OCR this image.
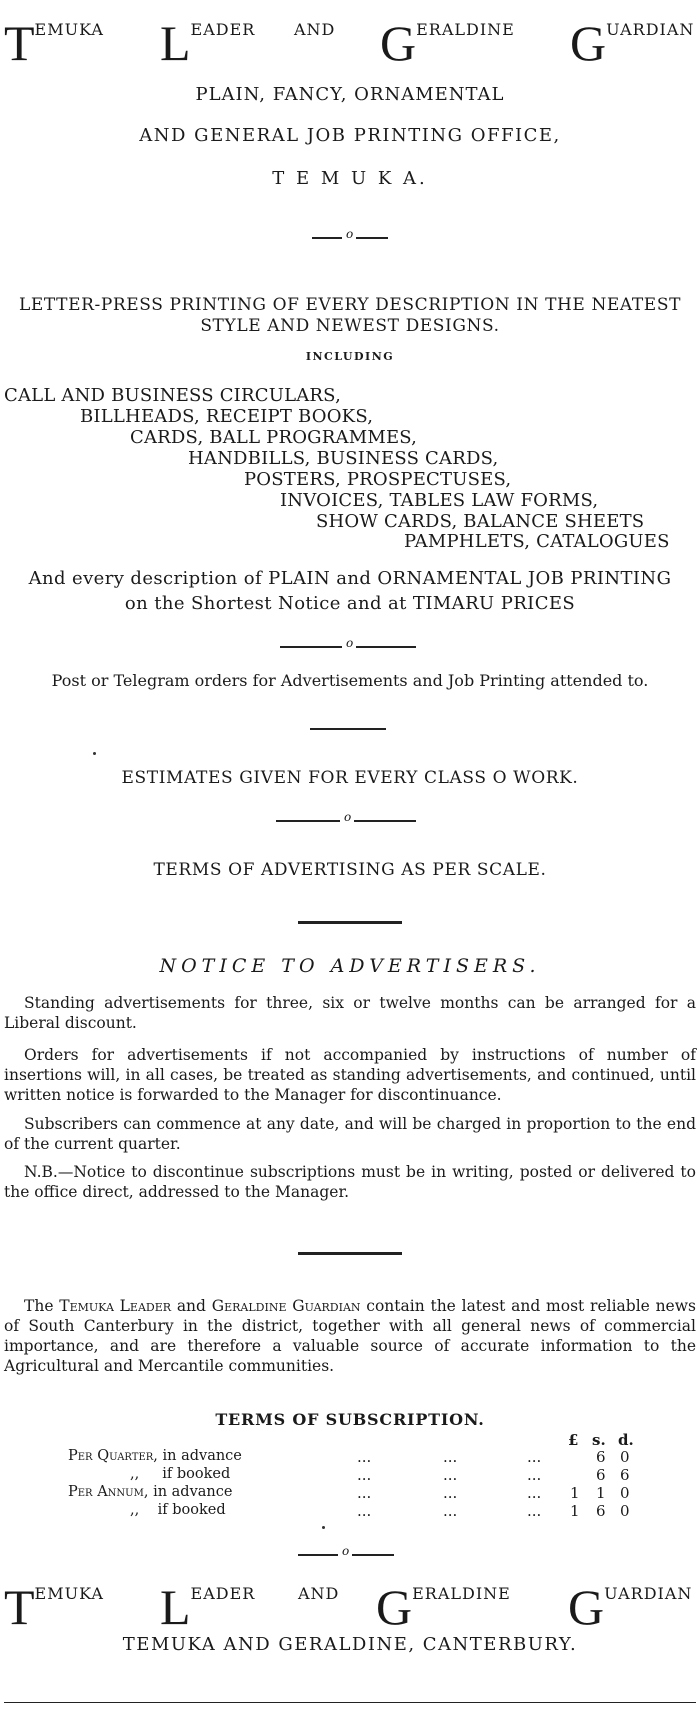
TEMUKA LEADER AND GERALDINE GUARDIAN
PLAIN, FANCY, ORNAMENTAL
AND GENERAL JOB PRINTING OFFICE,
T E M U K A.
o
LETTER-PRESS PRINTING OF EVERY DESCRIPTION IN THE NEATEST
STYLE AND NEWEST DESIGNS.
INCLUDING
CALL AND BUSINESS CIRCULARS,
BILLHEADS, RECEIPT BOOKS,
CARDS, BALL PROGRAMMES,
HANDBILLS, BUSINESS CARDS,
POSTERS, PROSPECTUSES,
INVOICES, TABLES LAW FORMS,
SHOW CARDS, BALANCE SHEETS
PAMPHLETS, CATALOGUES
And every description of PLAIN and ORNAMENTAL JOB PRINTING
on the Shortest Notice and at TIMARU PRICES
o
Post or Telegram orders for Advertisements and Job Printing attended to.
ESTIMATES GIVEN FOR EVERY CLASS O WORK.
o
TERMS OF ADVERTISING AS PER SCALE.
NOTICE TO ADVERTISERS.
Standing advertisements for three, six or twelve months can be arranged for a Liberal discount.
Orders for advertisements if not accompanied by instructions of number of insertions will, in all cases, be treated as standing advertisements, and continued, until written notice is forwarded to the Manager for discontinuance.
Subscribers can commence at any date, and will be charged in proportion to the end of the current quarter.
N.B.—Notice to discontinue subscriptions must be in writing, posted or delivered to the office direct, addressed to the Manager.
The Temuka Leader and Geraldine Guardian contain the latest and most reliable news of South Canterbury in the district, together with all general news of commercial importance, and are therefore a valuable source of accurate information to the Agricultural and Mercantile communities.
TERMS OF SUBSCRIPTION.
£ s. d.
Per Quarter, in advance	...	...	...	6 0
,, if booked	...	...	...	6 6
Per Annum, in advance	...	...	... 1 1 0
,, if booked	...	...	... 1 6 0
o
TEMUKA LEADER	AND GERALDINE GUARDIAN
TEMUKA AND GERALDINE, CANTERBURY.
